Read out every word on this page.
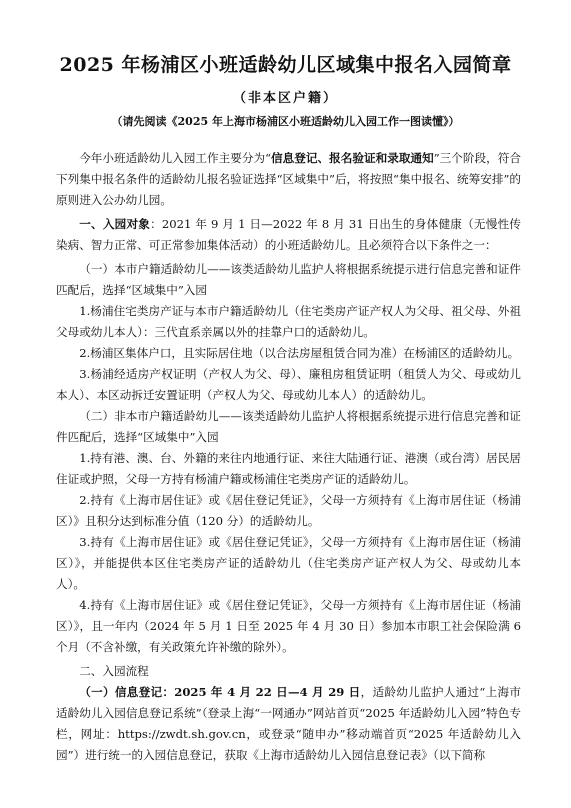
2025 年杨浦区小班适龄幼儿区域集中报名入园简章
（非本区户籍）
（请先阅读《2025 年上海市杨浦区小班适龄幼儿入园工作一图读懂》）

今年小班适龄幼儿入园工作主要分为“信息登记、报名验证和录取通知”三个阶段，符合下列集中报名条件的适龄幼儿报名验证选择“区域集中”后，将按照“集中报名、统筹安排”的原则进入公办幼儿园。

一、入园对象：2021 年 9 月 1 日—2022 年 8 月 31 日出生的身体健康（无慢性传染病、智力正常、可正常参加集体活动）的小班适龄幼儿。且必须符合以下条件之一：

（一）本市户籍适龄幼儿——该类适龄幼儿监护人将根据系统提示进行信息完善和证件匹配后，选择“区域集中”入园

1.杨浦住宅类房产证与本市户籍适龄幼儿（住宅类房产证产权人为父母、祖父母、外祖父母或幼儿本人）：三代直系亲属以外的挂靠户口的适龄幼儿。

2.杨浦区集体户口，且实际居住地（以合法房屋租赁合同为准）在杨浦区的适龄幼儿。

3.杨浦经适房产权证明（产权人为父、母）、廉租房租赁证明（租赁人为父、母或幼儿本人）、本区动拆迁安置证明（产权人为父、母或幼儿本人）的适龄幼儿。

（二）非本市户籍适龄幼儿——该类适龄幼儿监护人将根据系统提示进行信息完善和证件匹配后，选择“区域集中”入园

1.持有港、澳、台、外籍的来往内地通行证、来往大陆通行证、港澳（或台湾）居民居住证或护照，父母一方持有杨浦户籍或杨浦住宅类房产证的适龄幼儿。

2.持有《上海市居住证》或《居住登记凭证》，父母一方须持有《上海市居住证（杨浦区）》且积分达到标准分值（120 分）的适龄幼儿。

3.持有《上海市居住证》或《居住登记凭证》，父母一方须持有《上海市居住证（杨浦区）》，并能提供本区住宅类房产证的适龄幼儿（住宅类房产证产权人为父、母或幼儿本人）。

4.持有《上海市居住证》或《居住登记凭证》，父母一方须持有《上海市居住证（杨浦区）》，且一年内（2024 年 5 月 1 日至 2025 年 4 月 30 日）参加本市职工社会保险满 6 个月（不含补缴，有关政策允许补缴的除外）。

二、入园流程

（一）信息登记：2025 年 4 月 22 日—4 月 29 日，适龄幼儿监护人通过“上海市适龄幼儿入园信息登记系统”（登录上海“一网通办”网站首页“2025 年适龄幼儿入园”特色专栏，网址：https://zwdt.sh.gov.cn，或登录“随申办”移动端首页“2025 年适龄幼儿入园”）进行统一的入园信息登记，获取《上海市适龄幼儿入园信息登记表》（以下简称
